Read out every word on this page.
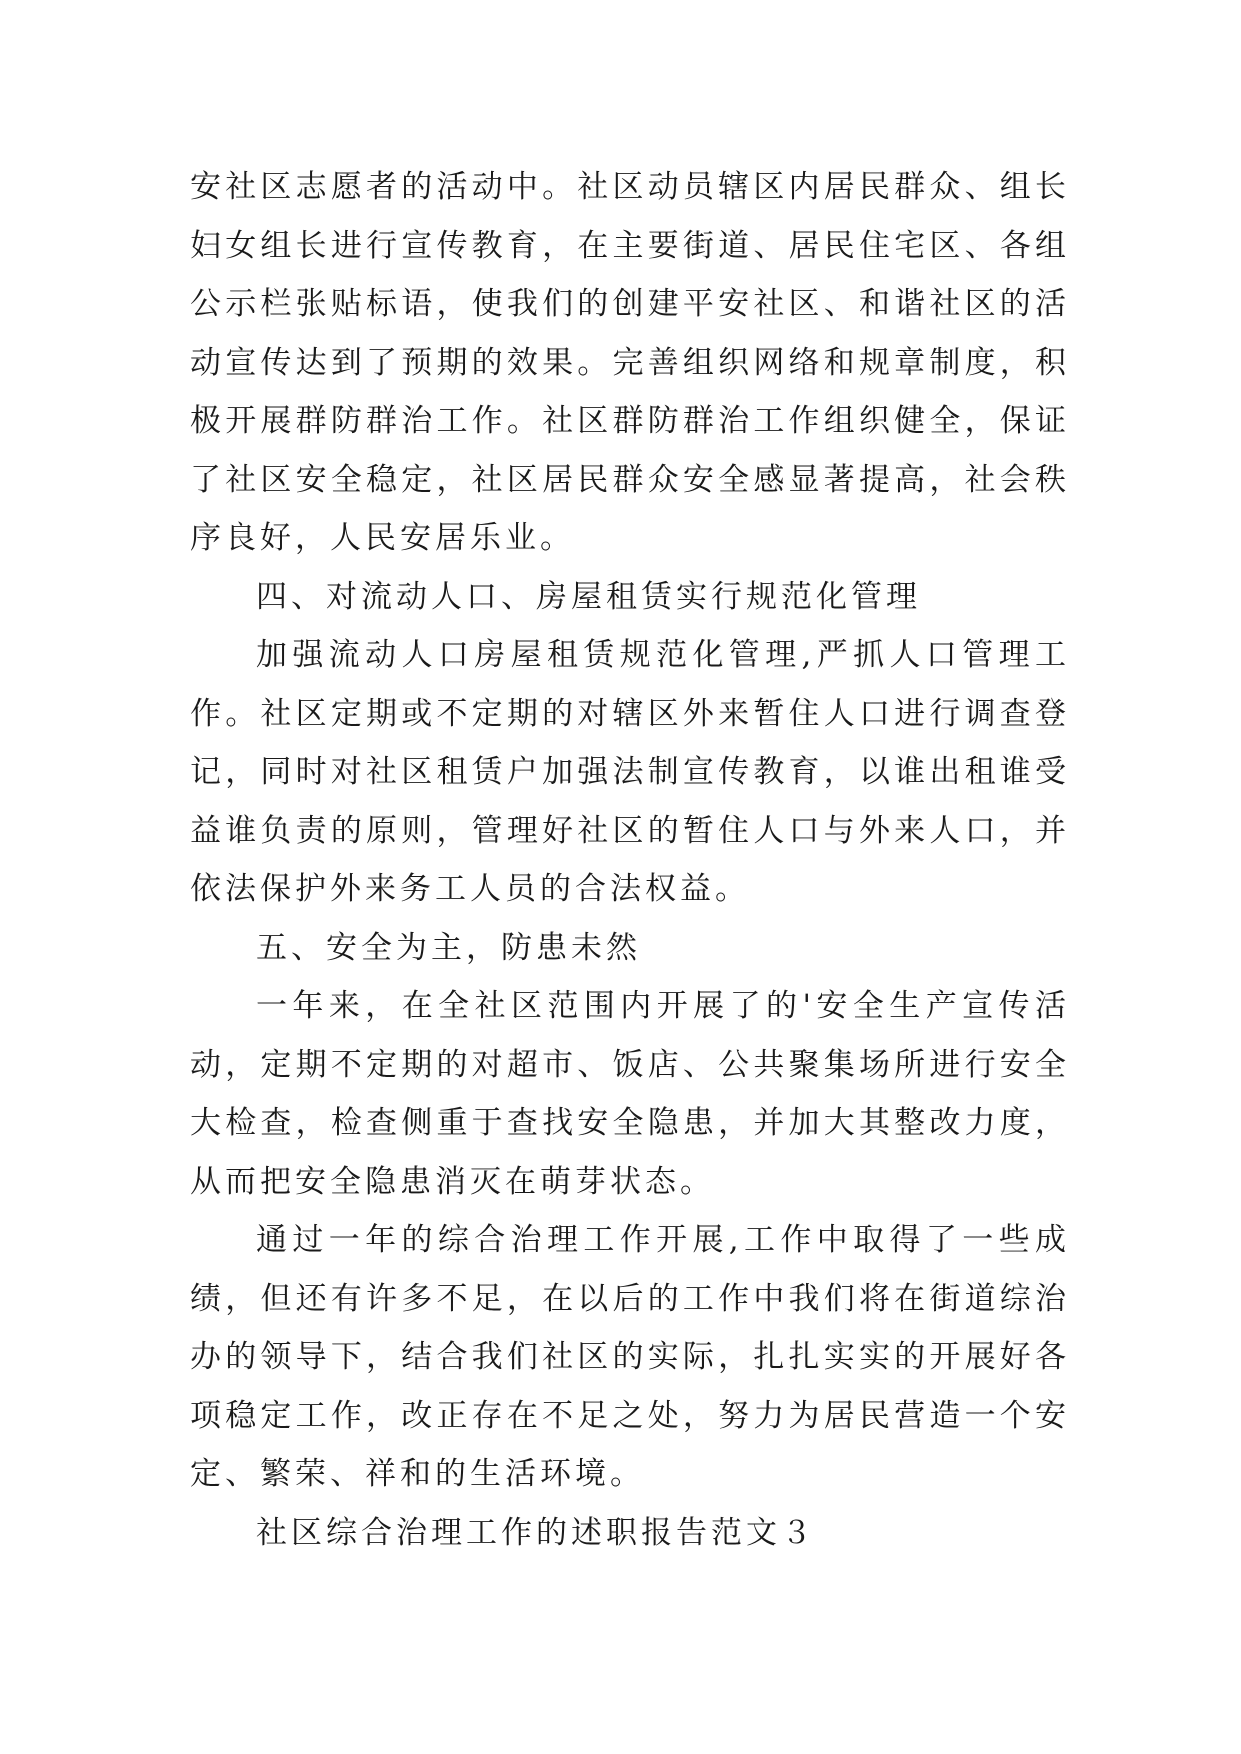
安社区志愿者的活动中。社区动员辖区内居民群众、组长妇女组长进行宣传教育，在主要街道、居民住宅区、各组公示栏张贴标语，使我们的创建平安社区、和谐社区的活动宣传达到了预期的效果。完善组织网络和规章制度，积极开展群防群治工作。社区群防群治工作组织健全，保证了社区安全稳定，社区居民群众安全感显著提高，社会秩序良好，人民安居乐业。

四、对流动人口、房屋租赁实行规范化管理

加强流动人口房屋租赁规范化管理,严抓人口管理工作。社区定期或不定期的对辖区外来暂住人口进行调查登记，同时对社区租赁户加强法制宣传教育，以谁出租谁受益谁负责的原则，管理好社区的暂住人口与外来人口，并依法保护外来务工人员的合法权益。

五、安全为主，防患未然

一年来，在全社区范围内开展了的'安全生产宣传活动，定期不定期的对超市、饭店、公共聚集场所进行安全大检查，检查侧重于查找安全隐患，并加大其整改力度，从而把安全隐患消灭在萌芽状态。

通过一年的综合治理工作开展,工作中取得了一些成绩，但还有许多不足，在以后的工作中我们将在街道综治办的领导下，结合我们社区的实际，扎扎实实的开展好各项稳定工作，改正存在不足之处，努力为居民营造一个安定、繁荣、祥和的生活环境。

社区综合治理工作的述职报告范文３
